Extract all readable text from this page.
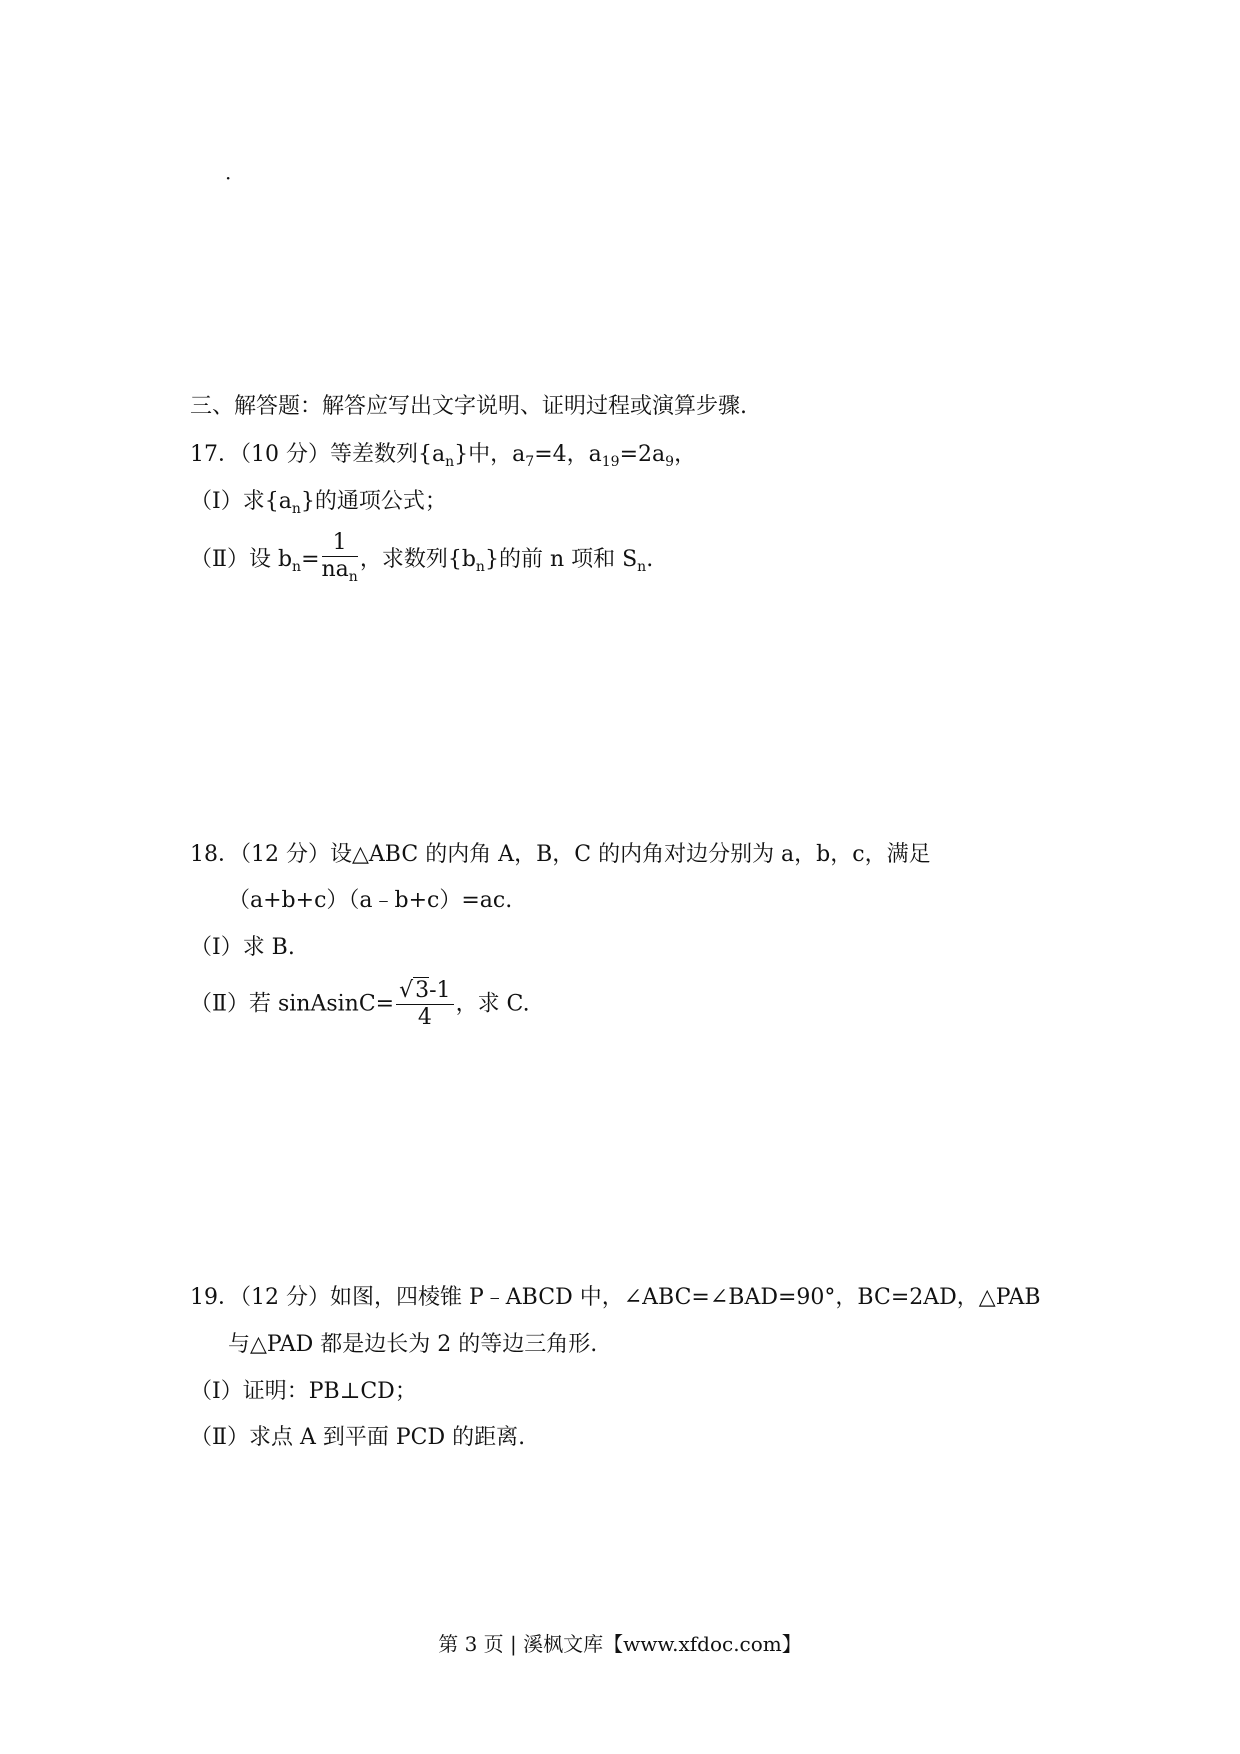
·
三、解答题：解答应写出文字说明、证明过程或演算步骤.
17．（10 分）等差数列$\{a_n\}$中，$a_7=4$，$a_{19}=2a_9$，
（Ⅰ）求$\{a_n\}$的通项公式；
（Ⅱ）设 $b_n= \frac{1}{na_n}$ ，求数列$\{b_n\}$的前 n 项和 $S_n$.
18．（12 分）设△ABC 的内角 A，B，C 的内角对边分别为 a，b，c，满足
（a+b+c）（a﹣b+c）=ac.
（Ⅰ）求 B.
（Ⅱ）若 sinAsinC= $\frac{√3-1}{4}$ ，求 C.
19．（12 分）如图，四棱锥 P﹣ABCD 中，∠ABC=∠BAD=90°，BC=2AD，△PAB
与△PAD 都是边长为 2 的等边三角形.
（Ⅰ）证明：PB⊥CD；
（Ⅱ）求点 A 到平面 PCD 的距离.
第 3 页 | 溪枫文库【www.xfdoc.com】
